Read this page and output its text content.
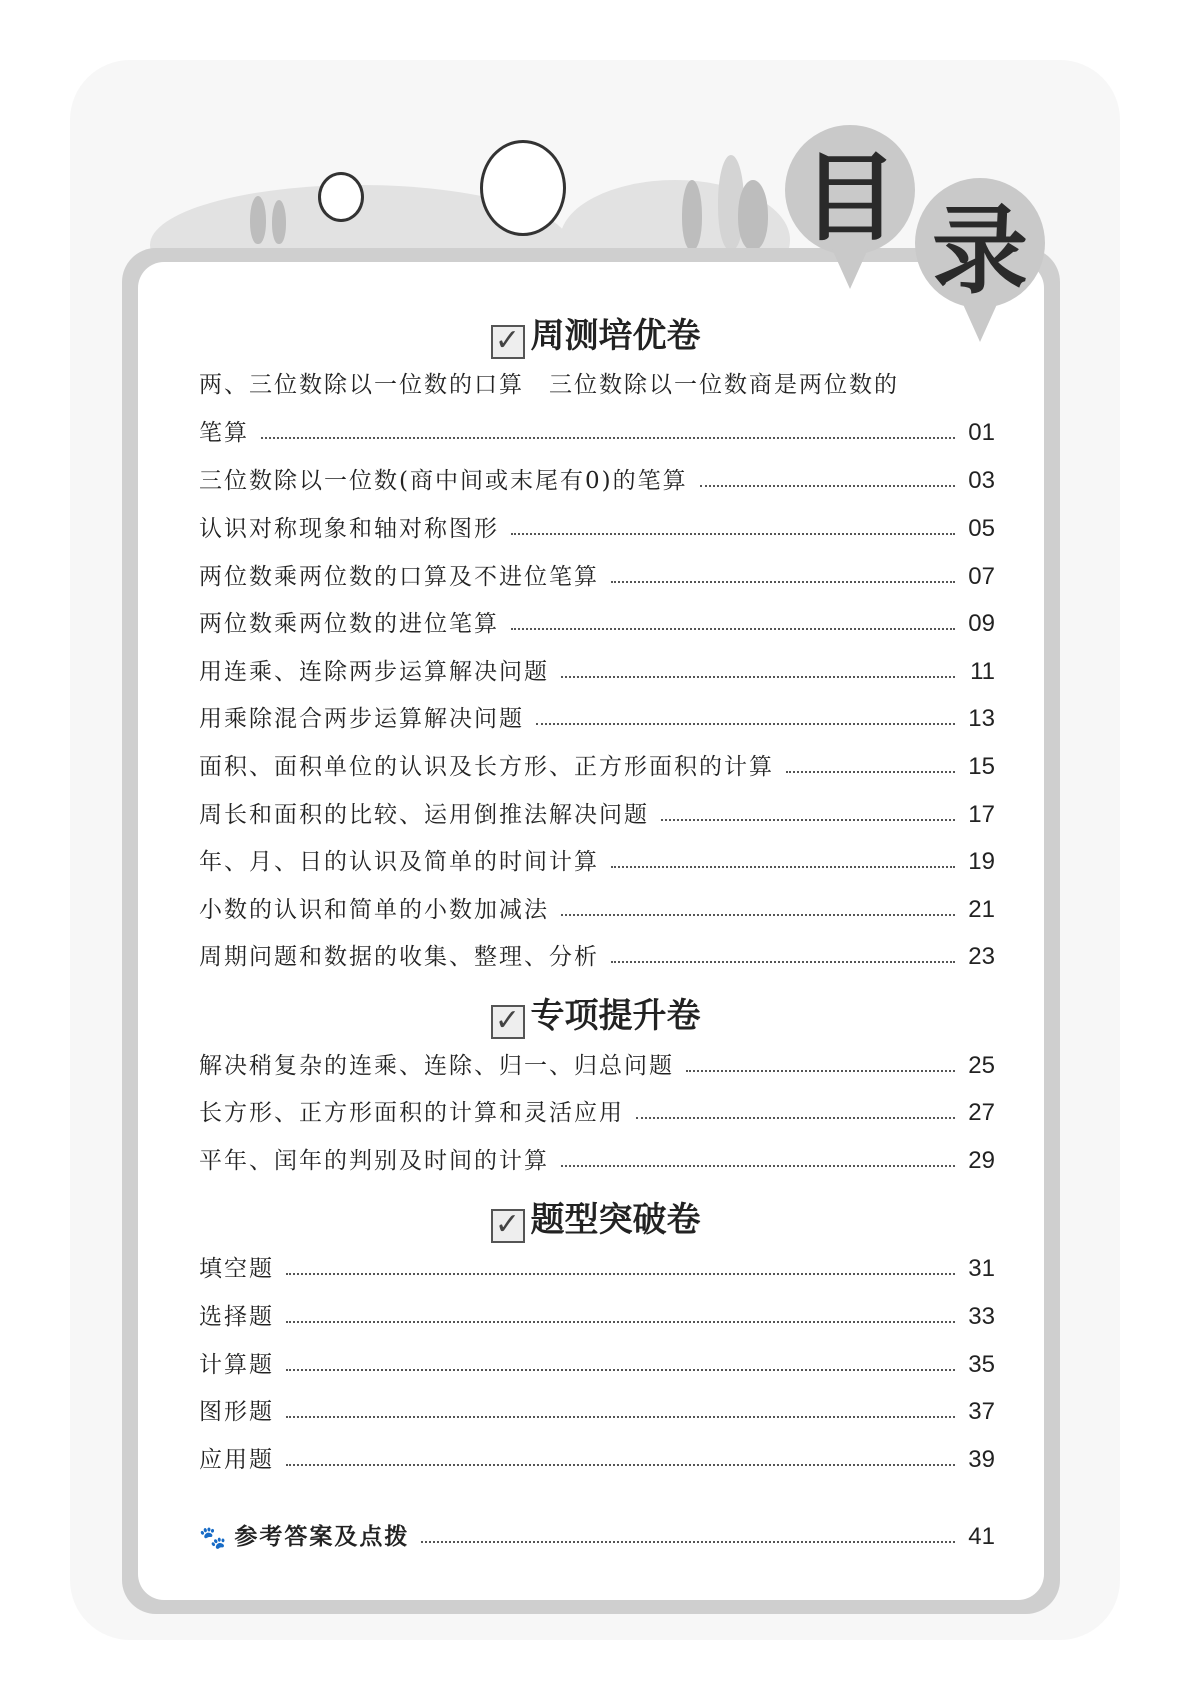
目 录
✓ 周测培优卷
两、三位数除以一位数的口算　三位数除以一位数商是两位数的
笔算	01
三位数除以一位数(商中间或末尾有0)的笔算	03
认识对称现象和轴对称图形	05
两位数乘两位数的口算及不进位笔算	07
两位数乘两位数的进位笔算	09
用连乘、连除两步运算解决问题	11
用乘除混合两步运算解决问题	13
面积、面积单位的认识及长方形、正方形面积的计算	15
周长和面积的比较、运用倒推法解决问题	17
年、月、日的认识及简单的时间计算	19
小数的认识和简单的小数加减法	21
周期问题和数据的收集、整理、分析	23
✓ 专项提升卷
解决稍复杂的连乘、连除、归一、归总问题	25
长方形、正方形面积的计算和灵活应用	27
平年、闰年的判别及时间的计算	29
✓ 题型突破卷
填空题	31
选择题	33
计算题	35
图形题	37
应用题	39
🐾 参考答案及点拨	41
